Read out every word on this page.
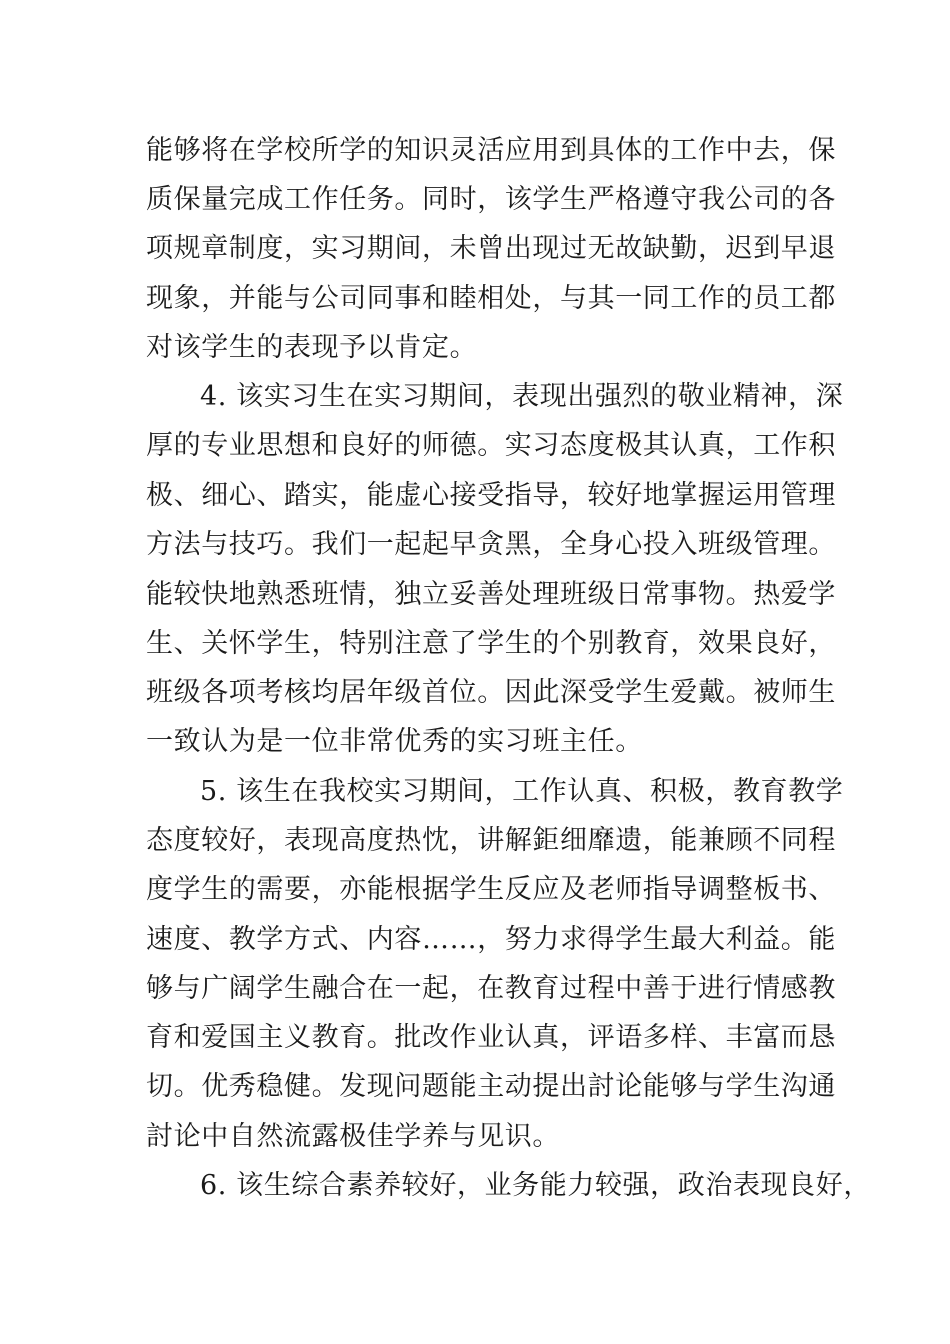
能够将在学校所学的知识灵活应用到具体的工作中去，保
质保量完成工作任务。同时，该学生严格遵守我公司的各
项规章制度，实习期间，未曾出现过无故缺勤，迟到早退
现象，并能与公司同事和睦相处，与其一同工作的员工都
对该学生的表现予以肯定。
4. 该实习生在实习期间，表现出强烈的敬业精神，深
厚的专业思想和良好的师德。实习态度极其认真，工作积
极、细心、踏实，能虚心接受指导，较好地掌握运用管理
方法与技巧。我们一起起早贪黑，全身心投入班级管理。
能较快地熟悉班情，独立妥善处理班级日常事物。热爱学
生、关怀学生，特别注意了学生的个别教育，效果良好，
班级各项考核均居年级首位。因此深受学生爱戴。被师生
一致认为是一位非常优秀的实习班主任。
5. 该生在我校实习期间，工作认真、积极，教育教学
态度较好，表现高度热忱，讲解鉅细靡遗，能兼顾不同程
度学生的需要，亦能根据学生反应及老师指导调整板书、
速度、教学方式、内容……，努力求得学生最大利益。能
够与广阔学生融合在一起，在教育过程中善于进行情感教
育和爱国主义教育。批改作业认真，评语多样、丰富而恳
切。优秀稳健。发现问题能主动提出討论能够与学生沟通
討论中自然流露极佳学养与见识。
6. 该生综合素养较好，业务能力较强，政治表现良好，
